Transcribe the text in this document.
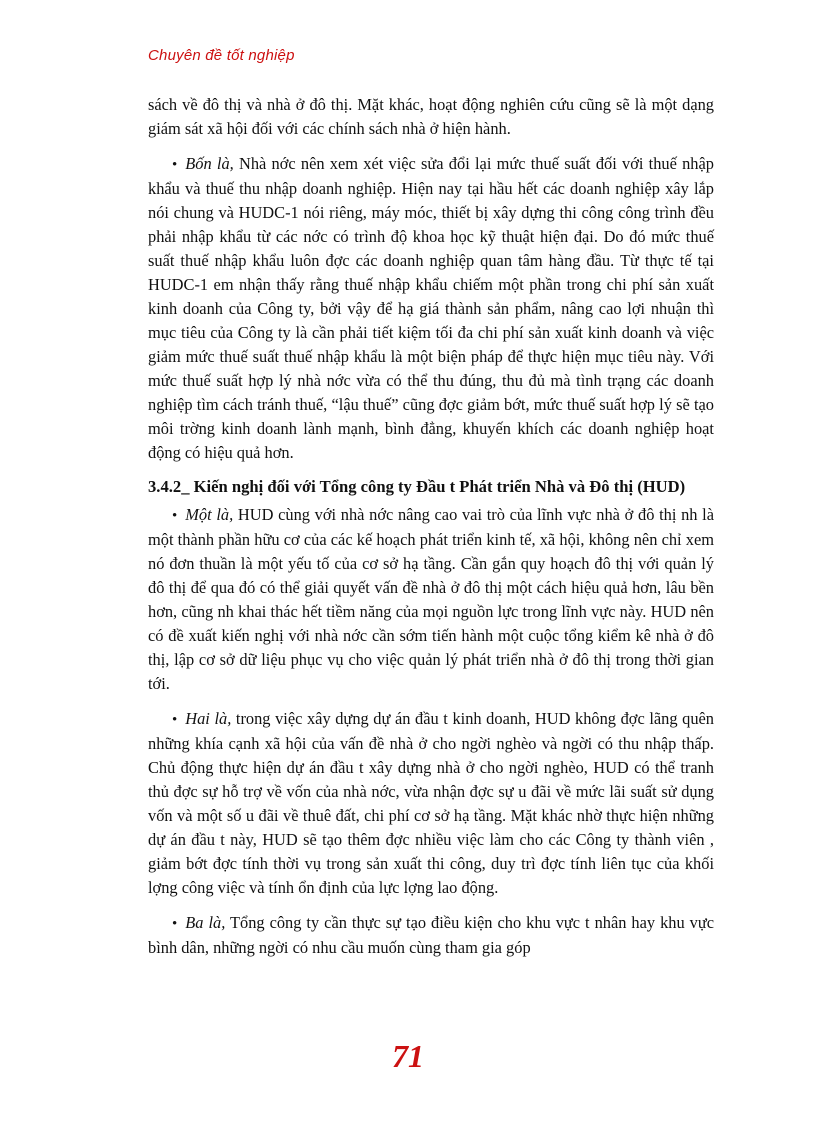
Chuyên đề tốt nghiệp

sách về đô thị và nhà ở đô thị. Mặt khác, hoạt động nghiên cứu cũng sẽ là một dạng giám sát xã hội đối với các chính sách nhà ở hiện hành.

• Bốn là, Nhà nớc nên xem xét việc sửa đổi lại mức thuế suất đối với thuế nhập khẩu và thuế thu nhập doanh nghiệp. Hiện nay tại hầu hết các doanh nghiệp xây lắp nói chung và HUDC-1 nói riêng, máy móc, thiết bị xây dựng thi công công trình đều phải nhập khẩu từ các nớc có trình độ khoa học kỹ thuật hiện đại. Do đó mức thuế suất thuế nhập khẩu luôn đợc các doanh nghiệp quan tâm hàng đầu. Từ thực tế tại HUDC-1 em nhận thấy rằng thuế nhập khẩu chiếm một phần trong chi phí sản xuất kinh doanh của Công ty, bởi vậy để hạ giá thành sản phẩm, nâng cao lợi nhuận thì mục tiêu của Công ty là cần phải tiết kiệm tối đa chi phí sản xuất kinh doanh và việc giảm mức thuế suất thuế nhập khẩu là một biện pháp để thực hiện mục tiêu này. Với mức thuế suất hợp lý nhà nớc vừa có thể thu đúng, thu đủ mà tình trạng các doanh nghiệp tìm cách tránh thuế, “lậu thuế” cũng đợc giảm bớt, mức thuế suất hợp lý sẽ tạo môi trờng kinh doanh lành mạnh, bình đẳng, khuyến khích các doanh nghiệp hoạt động có hiệu quả hơn.

3.4.2_ Kiến nghị đối với Tổng công ty Đầu t Phát triển Nhà và Đô thị (HUD)

• Một là, HUD cùng với nhà nớc nâng cao vai trò của lĩnh vực nhà ở đô thị nh là một thành phần hữu cơ của các kế hoạch phát triển kinh tế, xã hội, không nên chỉ xem nó đơn thuần là một yếu tố của cơ sở hạ tầng. Cần gắn quy hoạch đô thị với quản lý đô thị để qua đó có thể giải quyết vấn đề nhà ở đô thị một cách hiệu quả hơn, lâu bền hơn, cũng nh khai thác hết tiềm năng của mọi nguồn lực trong lĩnh vực này. HUD nên có đề xuất kiến nghị với nhà nớc cần sớm tiến hành một cuộc tổng kiểm kê nhà ở đô thị, lập cơ sở dữ liệu phục vụ cho việc quản lý phát triển nhà ở đô thị trong thời gian tới.

• Hai là, trong việc xây dựng dự án đầu t kinh doanh, HUD không đợc lãng quên những khía cạnh xã hội của vấn đề nhà ở cho ngời nghèo và ngời có thu nhập thấp. Chủ động thực hiện dự án đầu t xây dựng nhà ở cho ngời nghèo, HUD có thể tranh thủ đợc sự hỗ trợ về vốn của nhà nớc, vừa nhận đợc sự u đãi về mức lãi suất sử dụng vốn và một số u đãi về thuê đất, chi phí cơ sở hạ tầng. Mặt khác nhờ thực hiện những dự án đầu t này, HUD sẽ tạo thêm đợc nhiều việc làm cho các Công ty thành viên , giảm bớt đợc tính thời vụ trong sản xuất thi công, duy trì đợc tính liên tục của khối lợng công việc và tính ổn định của lực lợng lao động.

• Ba là, Tổng công ty cần thực sự tạo điều kiện cho khu vực t nhân hay khu vực bình dân, những ngời có nhu cầu muốn cùng tham gia góp

71
